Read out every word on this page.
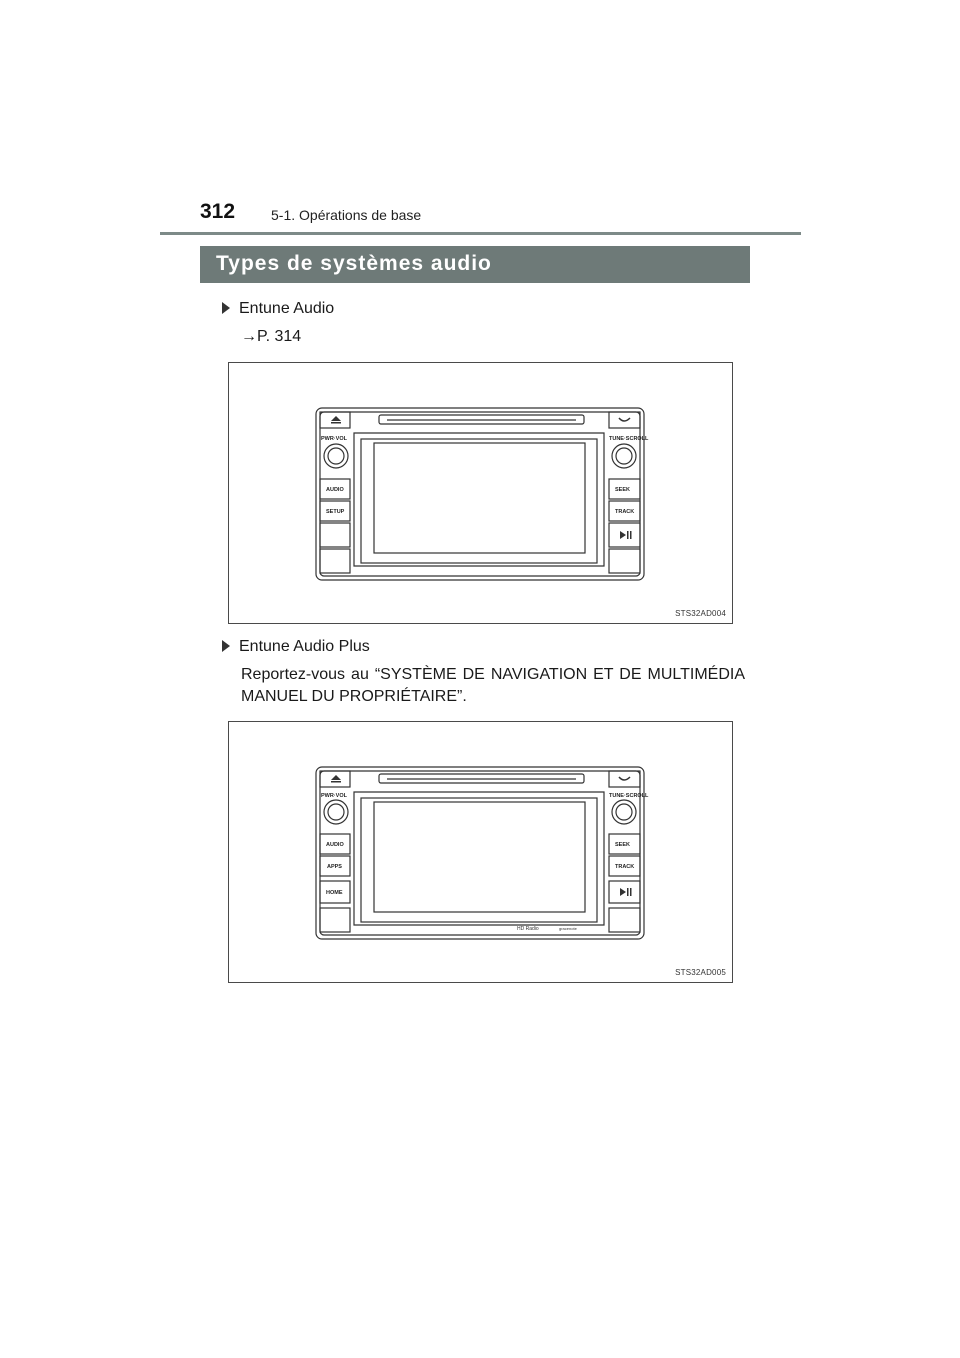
312	5-1. Opérations de base
Types de systèmes audio
Entune Audio
→P. 314
PWR·VOL
AUDIO
SETUP
TUNE·SCROLL
SEEK
TRACK
STS32AD004
Entune Audio Plus
Reportez-vous au “SYSTÈME DE NAVIGATION ET DE MULTIMÉDIA MANUEL DU PROPRIÉTAIRE”.
PWR·VOL
AUDIO
APPS
HOME
TUNE·SCROLL
SEEK
TRACK
HD Radio	gracenote
STS32AD005
